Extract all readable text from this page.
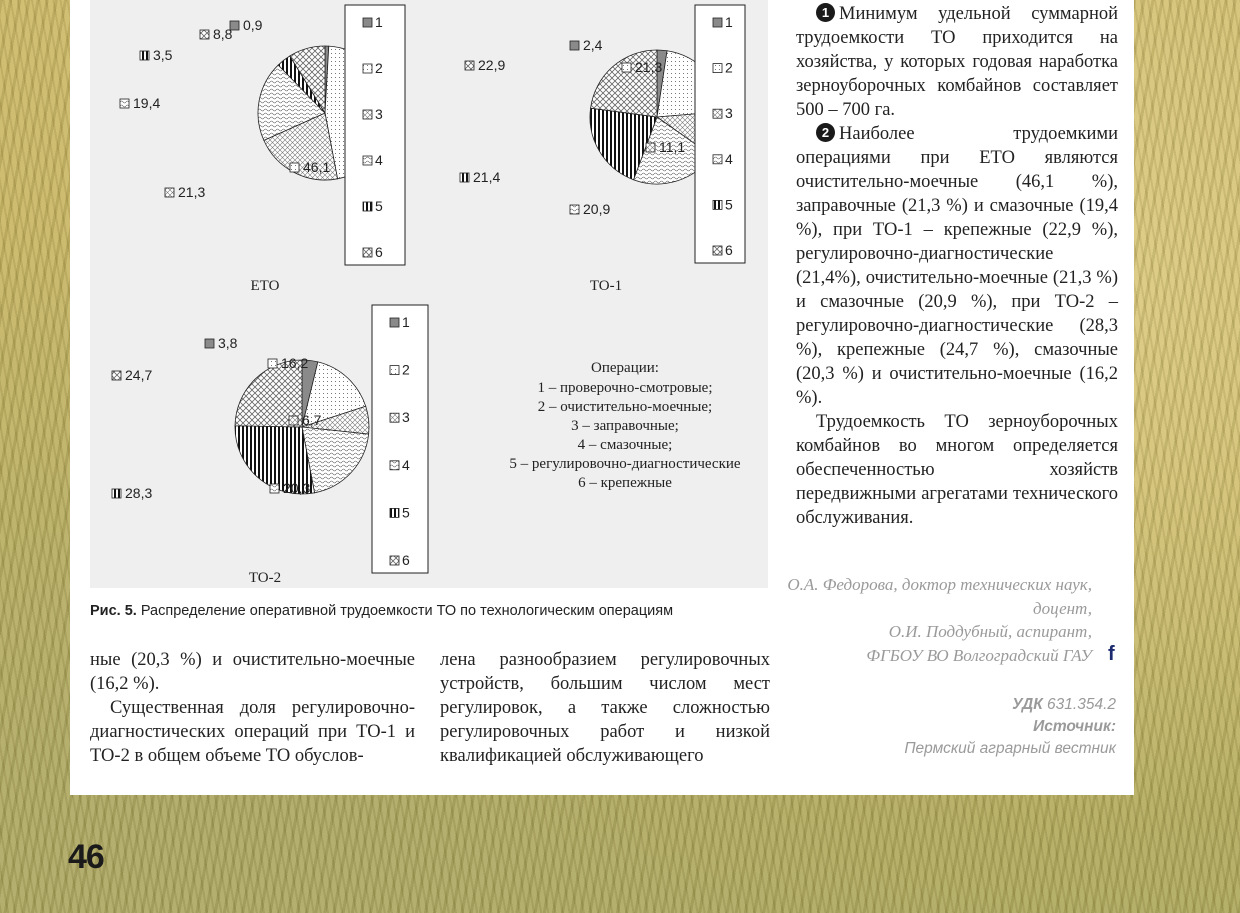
0,9
46,1
21,3
19,4
3,5
8,8
ЕТО
1
2
3
4
5
6
2,4
21,3
11,1
20,9
21,4
22,9
ТО-1
1
2
3
4
5
6
3,8
16,2
6,7
20,3
28,3
24,7
ТО-2
1
2
3
4
5
6
Операции:
1 – проверочно-смотровые;
2 – очистительно-моечные;
3 – заправочные;
4 – смазочные;
5 – регулировочно-диагностические
6 – крепежные
Рис. 5. Распределение оперативной трудоемкости ТО по технологическим операциям

ные (20,3 %) и очистительно-моечные (16,2 %).

Существенная доля регулировочно-диагностических операций при ТО-1 и ТО-2 в общем объеме ТО обуслов-

лена разнообразием регулировочных устройств, большим числом мест регулировок, а также сложностью регулировочных работ и низкой квалификацией обслуживающего

1 Минимум удельной суммарной трудоемкости ТО приходится на хозяйства, у которых годовая наработка зерноуборочных комбайнов составляет 500 – 700 га.

2 Наиболее трудоемкими операциями при ЕТО являются очистительно-моечные (46,1 %), заправочные (21,3 %) и смазочные (19,4 %), при ТО-1 – крепежные (22,9 %), регулировочно-диагностические (21,4%), очистительно-моечные (21,3 %) и смазочные (20,9 %), при ТО-2 – регулировочно-диагностические (28,3 %), крепежные (24,7 %), смазочные (20,3 %) и очистительно-моечные (16,2 %).

Трудоемкость ТО зерноуборочных комбайнов во многом определяется обеспеченностью хозяйств передвижными агрегатами технического обслуживания.

О.А. Федорова, доктор технических наук, доцент,
О.И. Поддубный, аспирант,
ФГБОУ ВО Волгоградский ГАУ f
УДК 631.354.2
Источник:
Пермский аграрный вестник
46
